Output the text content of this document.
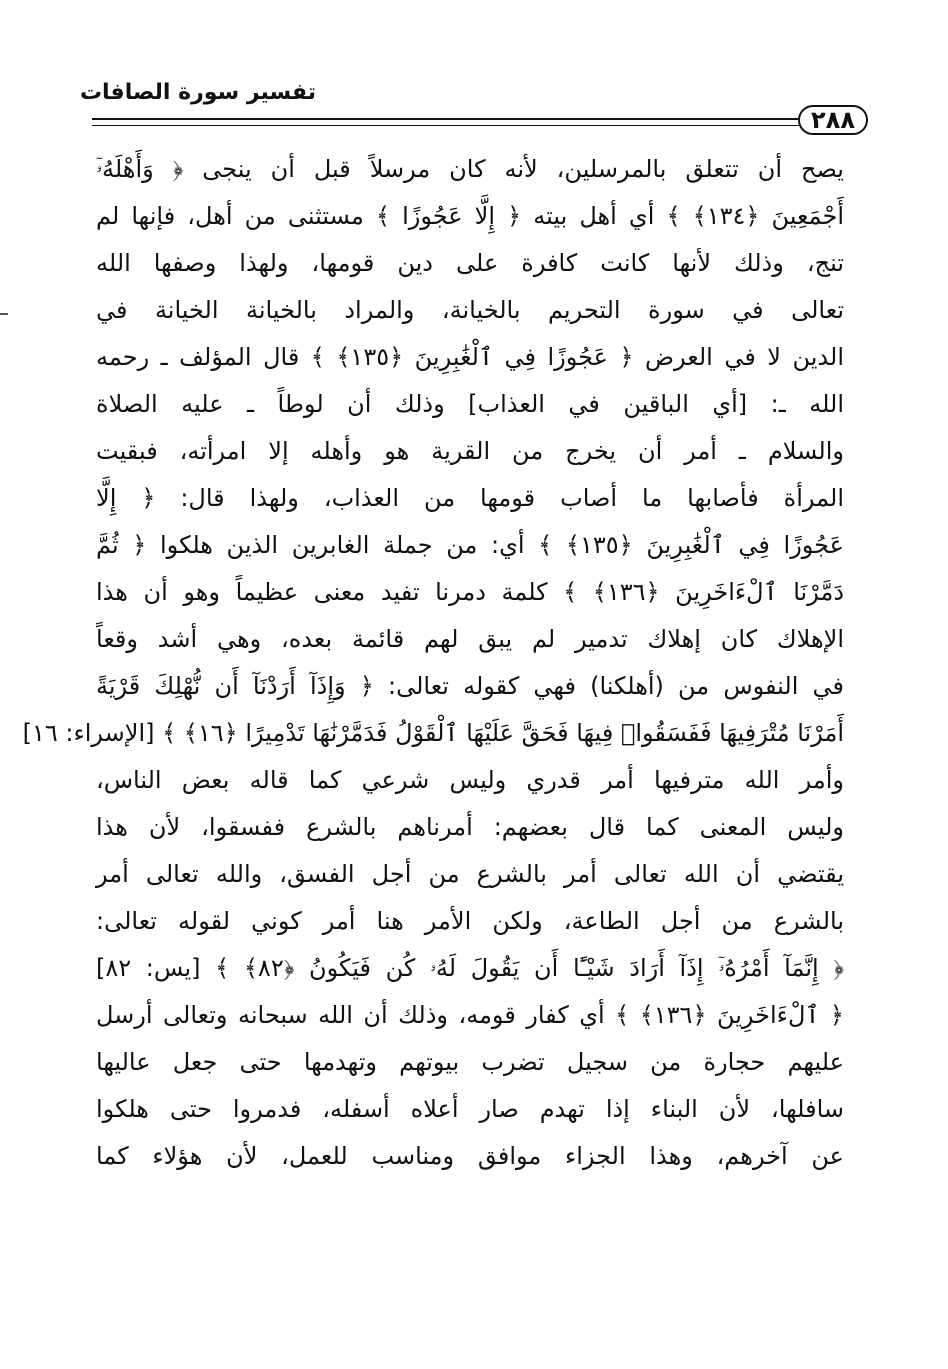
تفسير سورة الصافات
٢٨٨
يصح أن تتعلق بالمرسلين، لأنه كان مرسلاً قبل أن ينجى ﴿ وَأَهْلَهُۥٓ
أَجْمَعِينَ ﴿١٣٤﴾ ﴾ أي أهل بيته ﴿ إِلَّا عَجُوزًا ﴾ مستثنى من أهل، فإنها لم
تنج، وذلك لأنها كانت كافرة على دين قومها، ولهذا وصفها الله
تعالى في سورة التحريم بالخيانة، والمراد بالخيانة الخيانة في
الدين لا في العرض ﴿ عَجُوزًا فِي ٱلْغَٰبِرِينَ ﴿١٣٥﴾ ﴾ قال المؤلف ـ رحمه
الله ـ: [أي الباقين في العذاب] وذلك أن لوطاً ـ عليه الصلاة
والسلام ـ أمر أن يخرج من القرية هو وأهله إلا امرأته، فبقيت
المرأة فأصابها ما أصاب قومها من العذاب، ولهذا قال: ﴿ إِلَّا
عَجُوزًا فِي ٱلْغَٰبِرِينَ ﴿١٣٥﴾ ﴾ أي: من جملة الغابرين الذين هلكوا ﴿ ثُمَّ
دَمَّرْنَا ٱلْءَاخَرِينَ ﴿١٣٦﴾ ﴾ كلمة دمرنا تفيد معنى عظيماً وهو أن هذا
الإهلاك كان إهلاك تدمير لم يبق لهم قائمة بعده، وهي أشد وقعاً
في النفوس من (أهلكنا) فهي كقوله تعالى: ﴿ وَإِذَآ أَرَدْنَآ أَن نُّهْلِكَ قَرْيَةً
أَمَرْنَا مُتْرَفِيهَا فَفَسَقُوا۟ فِيهَا فَحَقَّ عَلَيْهَا ٱلْقَوْلُ فَدَمَّرْنَٰهَا تَدْمِيرًا ﴿١٦﴾ ﴾ [الإسراء: ١٦]
وأمر الله مترفيها أمر قدري وليس شرعي كما قاله بعض الناس،
وليس المعنى كما قال بعضهم: أمرناهم بالشرع ففسقوا، لأن هذا
يقتضي أن الله تعالى أمر بالشرع من أجل الفسق، والله تعالى أمر
بالشرع من أجل الطاعة، ولكن الأمر هنا أمر كوني لقوله تعالى:
﴿ إِنَّمَآ أَمْرُهُۥٓ إِذَآ أَرَادَ شَيْـًٔا أَن يَقُولَ لَهُۥ كُن فَيَكُونُ ﴿٨٢﴾ ﴾ [يس: ٨٢]
﴿ ٱلْءَاخَرِينَ ﴿١٣٦﴾ ﴾ أي كفار قومه، وذلك أن الله سبحانه وتعالى أرسل
عليهم حجارة من سجيل تضرب بيوتهم وتهدمها حتى جعل عاليها
سافلها، لأن البناء إذا تهدم صار أعلاه أسفله، فدمروا حتى هلكوا
عن آخرهم، وهذا الجزاء موافق ومناسب للعمل، لأن هؤلاء كما
